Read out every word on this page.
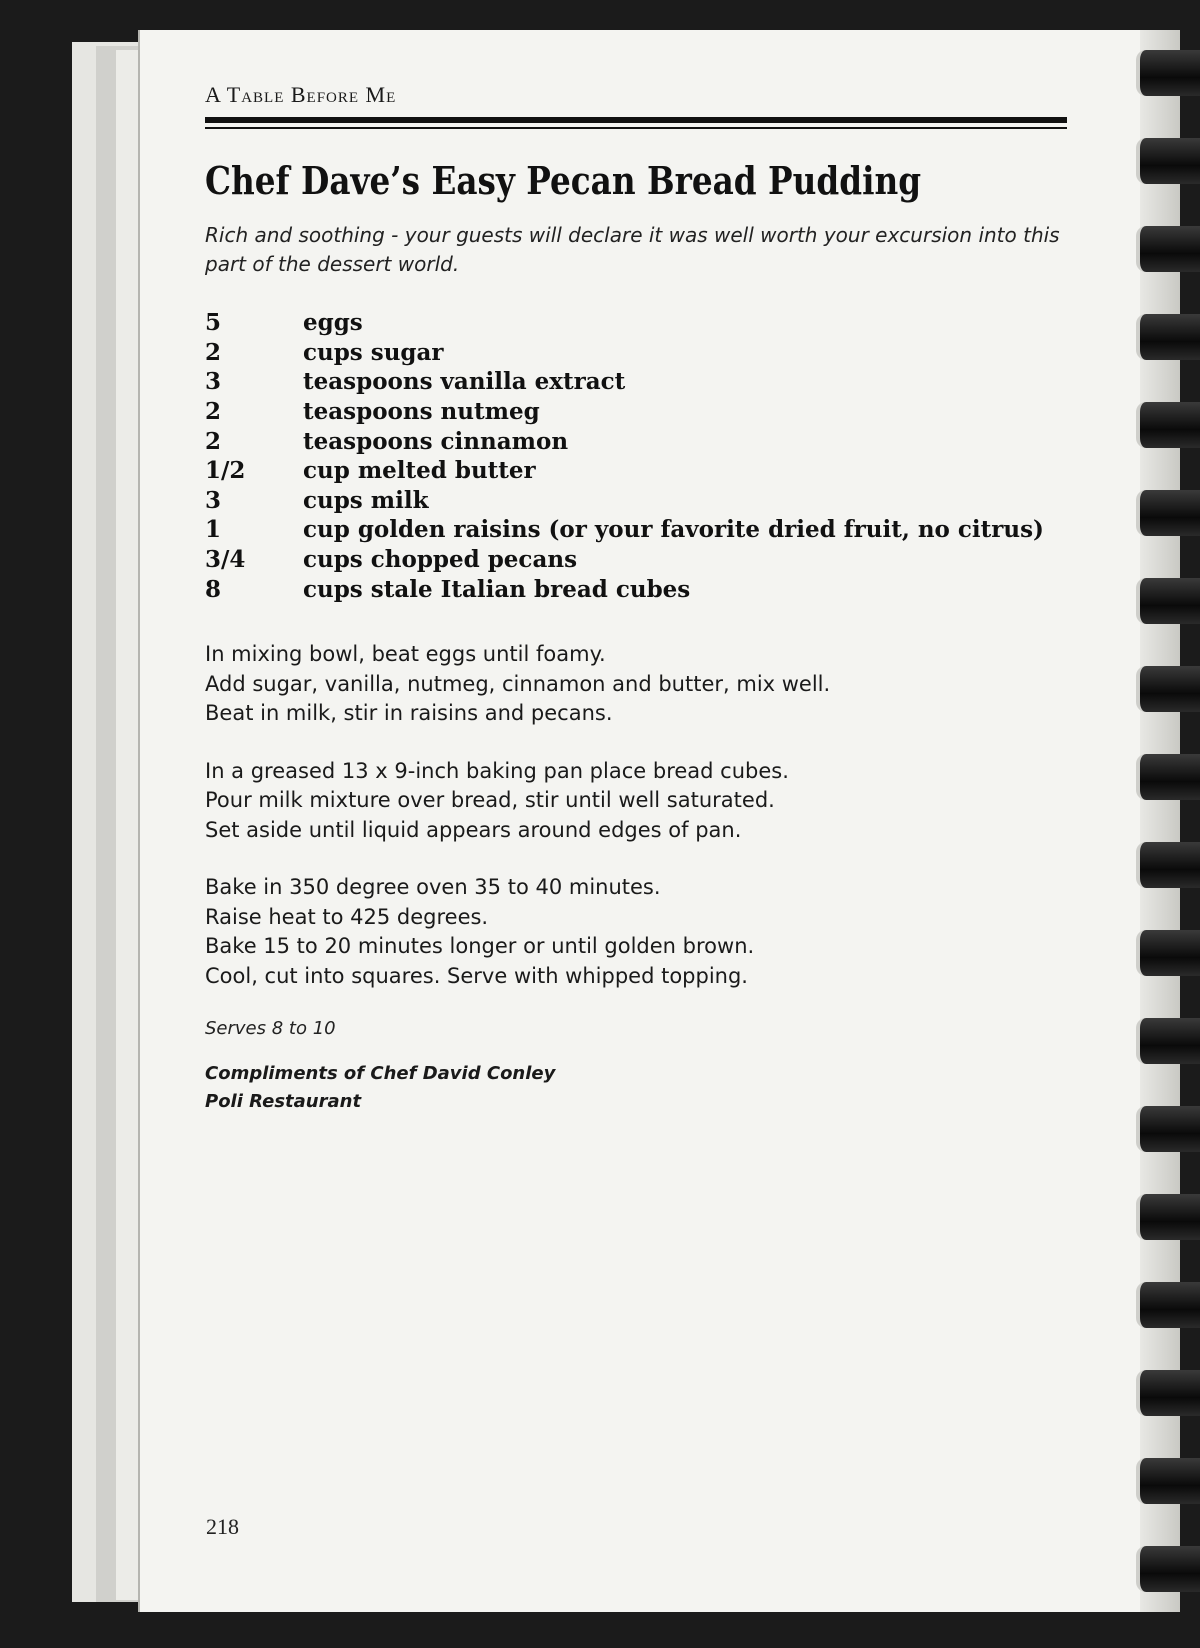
A Table Before Me
Chef Dave’s Easy Pecan Bread Pudding
Rich and soothing - your guests will declare it was well worth your excursion into this part of the dessert world.
5	eggs
2	cups sugar
3	teaspoons vanilla extract
2	teaspoons nutmeg
2	teaspoons cinnamon
1/2	cup melted butter
3	cups milk
1	cup golden raisins (or your favorite dried fruit, no citrus)
3/4	cups chopped pecans
8	cups stale Italian bread cubes
In mixing bowl, beat eggs until foamy.
Add sugar, vanilla, nutmeg, cinnamon and butter, mix well.
Beat in milk, stir in raisins and pecans.
In a greased 13 x 9-inch baking pan place bread cubes.
Pour milk mixture over bread, stir until well saturated.
Set aside until liquid appears around edges of pan.
Bake in 350 degree oven 35 to 40 minutes.
Raise heat to 425 degrees.
Bake 15 to 20 minutes longer or until golden brown.
Cool, cut into squares. Serve with whipped topping.
Serves 8 to 10
Compliments of Chef David Conley
Poli Restaurant
218
